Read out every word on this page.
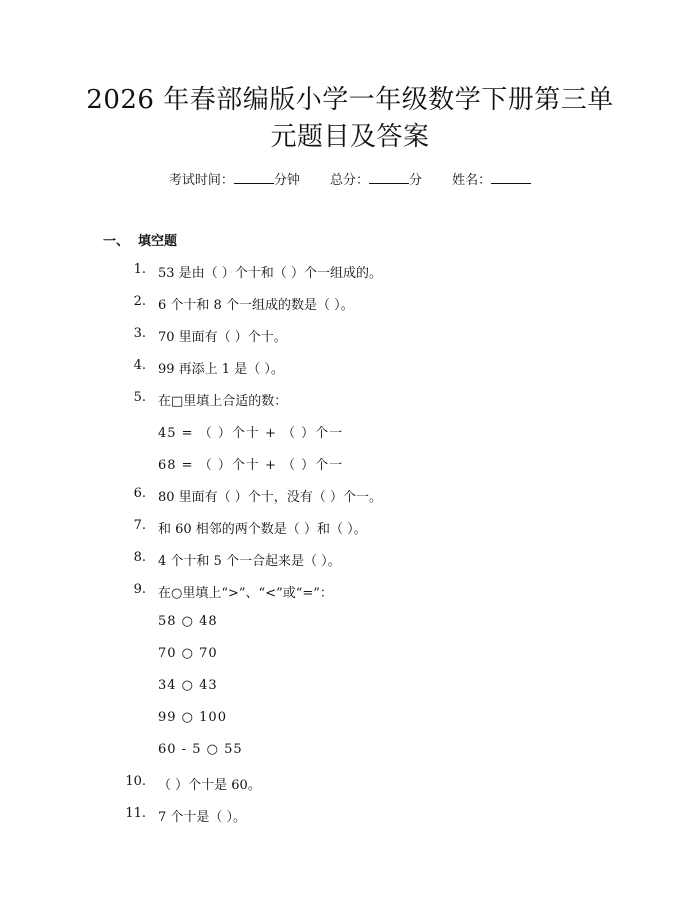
2026 年春部编版小学一年级数学下册第三单
元题目及答案
考试时间：	分钟 总分：	分 姓名：
一、 填空题
1. 53 是由（ ）个十和（ ）个一组成的。
2. 6 个十和 8 个一组成的数是（ ）。
3. 70 里面有（ ）个十。
4. 99 再添上 1 是（ ）。
5. 在□里填上合适的数：
45 = （ ）个十 + （ ）个一
68 = （ ）个十 + （ ）个一
6. 80 里面有（ ）个十，没有（ ）个一。
7. 和 60 相邻的两个数是（ ）和（ ）。
8. 4 个十和 5 个一合起来是（ ）。
9. 在○里填上“>”、“<”或“=”：
58 ○ 48
70 ○ 70
34 ○ 43
99 ○ 100
60 - 5 ○ 55
10. （ ）个十是 60。
11. 7 个十是（ ）。
